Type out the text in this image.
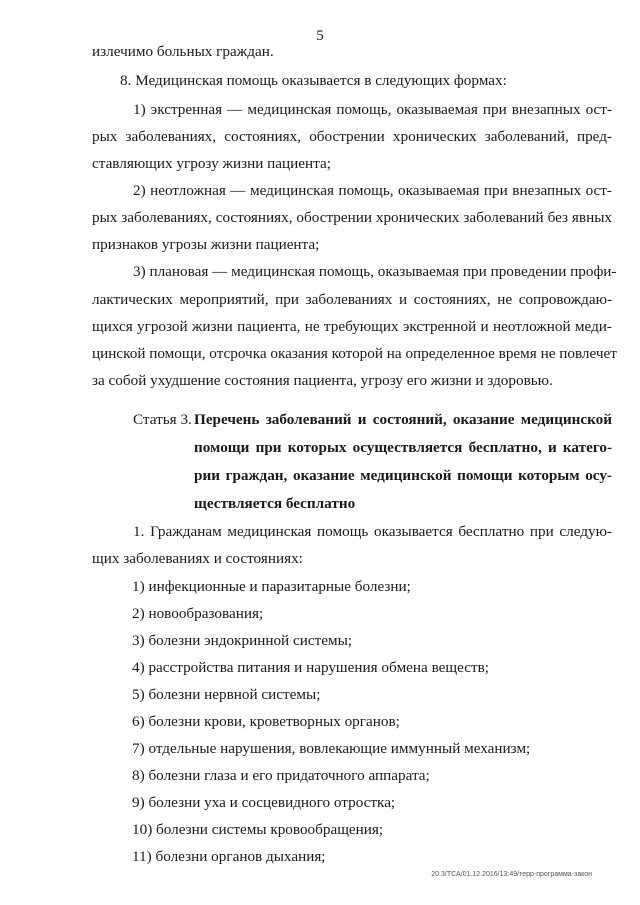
5
излечимо больных граждан.
8. Медицинская помощь оказывается в следующих формах:
1) экстренная — медицинская помощь, оказываемая при внезапных ост-
рых заболеваниях, состояниях, обострении хронических заболеваний, пред-
ставляющих угрозу жизни пациента;
2) неотложная — медицинская помощь, оказываемая при внезапных ост-
рых заболеваниях, состояниях, обострении хронических заболеваний без явных
признаков угрозы жизни пациента;
3) плановая — медицинская помощь, оказываемая при проведении профи-
лактических мероприятий, при заболеваниях и состояниях, не сопровождаю-
щихся угрозой жизни пациента, не требующих экстренной и неотложной меди-
цинской помощи, отсрочка оказания которой на определенное время не повлечет
за собой ухудшение состояния пациента, угрозу его жизни и здоровью.
Статья 3. Перечень заболеваний и состояний, оказание медицинской
помощи при которых осуществляется бесплатно, и катего-
рии граждан, оказание медицинской помощи которым осу-
ществляется бесплатно
1. Гражданам медицинская помощь оказывается бесплатно при следую-
щих заболеваниях и состояниях:
1) инфекционные и паразитарные болезни;
2) новообразования;
3) болезни эндокринной системы;
4) расстройства питания и нарушения обмена веществ;
5) болезни нервной системы;
6) болезни крови, кроветворных органов;
7) отдельные нарушения, вовлекающие иммунный механизм;
8) болезни глаза и его придаточного аппарата;
9) болезни уха и сосцевидного отростка;
10) болезни системы кровообращения;
11) болезни органов дыхания;
20.3/ТСА/01.12.2016/13:49/терр-программа-закон
